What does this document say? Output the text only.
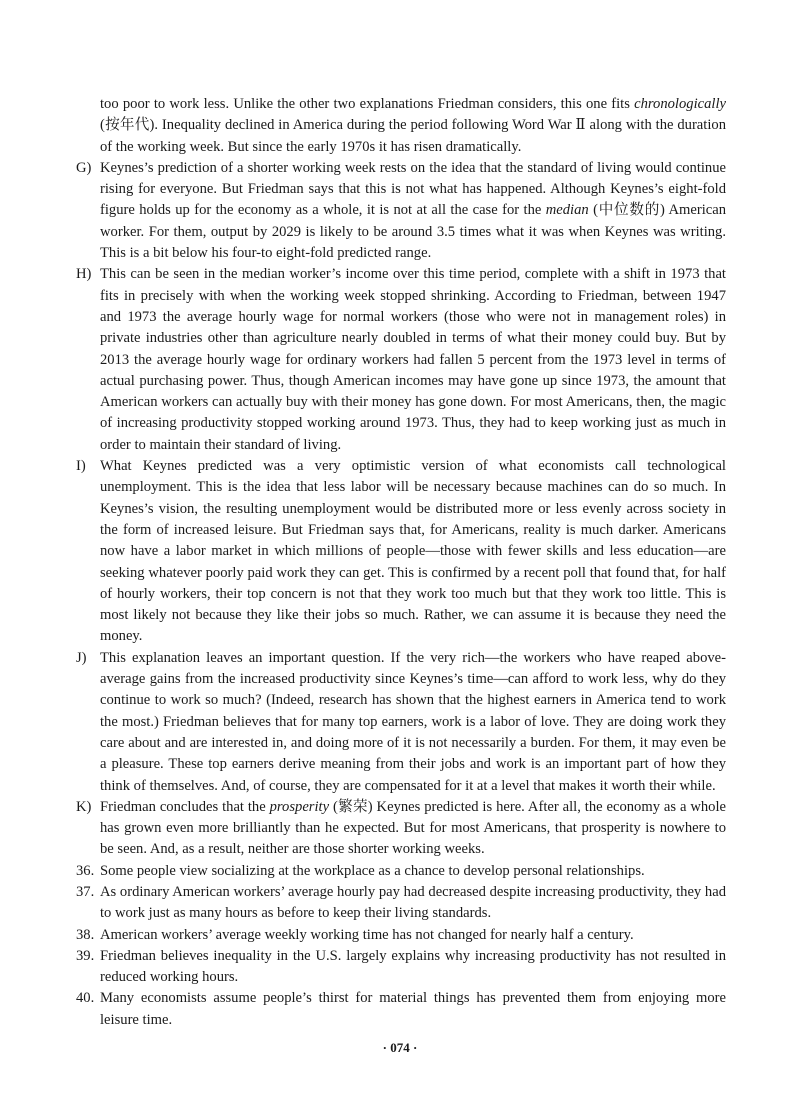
too poor to work less. Unlike the other two explanations Friedman considers, this one fits chronologically (按年代). Inequality declined in America during the period following Word War Ⅱ along with the duration of the working week. But since the early 1970s it has risen dramatically.

G) Keynes’s prediction of a shorter working week rests on the idea that the standard of living would continue rising for everyone. But Friedman says that this is not what has happened. Although Keynes’s eight-fold figure holds up for the economy as a whole, it is not at all the case for the median (中位数的) American worker. For them, output by 2029 is likely to be around 3.5 times what it was when Keynes was writing. This is a bit below his four-to eight-fold predicted range.

H) This can be seen in the median worker’s income over this time period, complete with a shift in 1973 that fits in precisely with when the working week stopped shrinking. According to Friedman, between 1947 and 1973 the average hourly wage for normal workers (those who were not in management roles) in private industries other than agriculture nearly doubled in terms of what their money could buy. But by 2013 the average hourly wage for ordinary workers had fallen 5 percent from the 1973 level in terms of actual purchasing power. Thus, though American incomes may have gone up since 1973, the amount that American workers can actually buy with their money has gone down. For most Americans, then, the magic of increasing productivity stopped working around 1973. Thus, they had to keep working just as much in order to maintain their standard of living.

I) What Keynes predicted was a very optimistic version of what economists call technological unemployment. This is the idea that less labor will be necessary because machines can do so much. In Keynes’s vision, the resulting unemployment would be distributed more or less evenly across society in the form of increased leisure. But Friedman says that, for Americans, reality is much darker. Americans now have a labor market in which millions of people—those with fewer skills and less education—are seeking whatever poorly paid work they can get. This is confirmed by a recent poll that found that, for half of hourly workers, their top concern is not that they work too much but that they work too little. This is most likely not because they like their jobs so much. Rather, we can assume it is because they need the money.

J) This explanation leaves an important question. If the very rich—the workers who have reaped above-average gains from the increased productivity since Keynes’s time—can afford to work less, why do they continue to work so much? (Indeed, research has shown that the highest earners in America tend to work the most.) Friedman believes that for many top earners, work is a labor of love. They are doing work they care about and are interested in, and doing more of it is not necessarily a burden. For them, it may even be a pleasure. These top earners derive meaning from their jobs and work is an important part of how they think of themselves. And, of course, they are compensated for it at a level that makes it worth their while.

K) Friedman concludes that the prosperity (繁荣) Keynes predicted is here. After all, the economy as a whole has grown even more brilliantly than he expected. But for most Americans, that prosperity is nowhere to be seen. And, as a result, neither are those shorter working weeks.

36. Some people view socializing at the workplace as a chance to develop personal relationships.

37. As ordinary American workers’ average hourly pay had decreased despite increasing productivity, they had to work just as many hours as before to keep their living standards.

38. American workers’ average weekly working time has not changed for nearly half a century.

39. Friedman believes inequality in the U.S. largely explains why increasing productivity has not resulted in reduced working hours.

40. Many economists assume people’s thirst for material things has prevented them from enjoying more leisure time.

· 074 ·
